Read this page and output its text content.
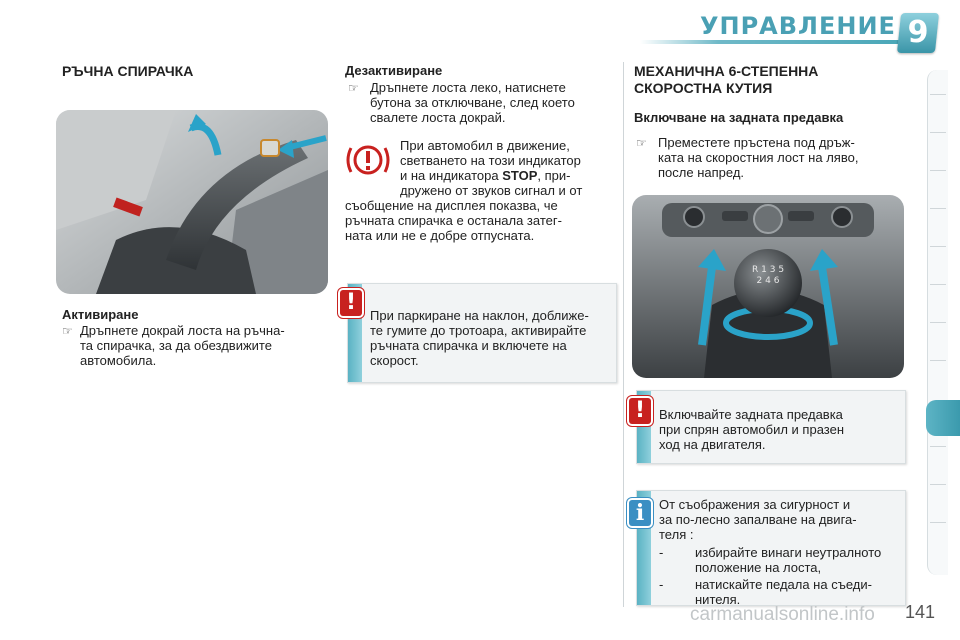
УПРАВЛЕНИЕ 9
РЪЧНА СПИРАЧКА
Активиране
☞ Дръпнете докрай лоста на ръчна-
та спирачка, за да обездвижите
автомобила.
Дезактивиране
☞ Дръпнете лоста леко, натиснете
бутона за отключване, след което
свалете лоста докрай.
При автомобил в движение,
светването на този индикатор
и на индикатора STOP, при-
дружено от звуков сигнал и от
съобщение на дисплея показва, че
ръчната спирачка е останала затег-
ната или не е добре отпусната.
При паркиране на наклон, доближе-
те гумите до тротоара, активирайте
ръчната спирачка и включете на
скорост.
!
МЕХАНИЧНА 6-СТЕПЕННА
СКОРОСТНА КУТИЯ
Включване на задната предавка
☞ Преместете пръстена под дръж-
ката на скоростния лост на ляво,
после напред.
R 1 3 5
2 4 6
Включвайте задната предавка
при спрян автомобил и празен
ход на двигателя.
!
От съображения за сигурност и
за по-лесно запалване на двига-
теля :
- избирайте винаги неутралното
положение на лоста,
- натискайте педала на съеди-
нителя.
i
carmanualsonline.info 141
